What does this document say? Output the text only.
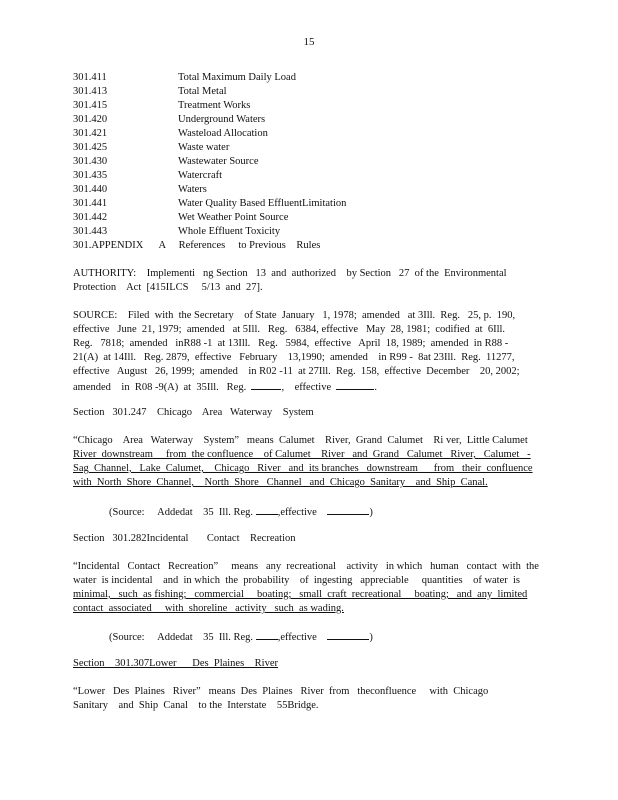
15
301.411	Total Maximum Daily Load
301.413	Total Metal
301.415	Treatment Works
301.420	Underground Waters
301.421	Wasteload Allocation
301.425	Waste water
301.430	Wastewater Source
301.435	Watercraft
301.440	Waters
301.441	Water Quality Based EffluentLimitation
301.442	Wet Weather Point Source
301.443	Whole Effluent Toxicity
301.APPENDIX      A     References     to Previous    Rules
AUTHORITY:    Implementi   ng Section   13  and  authorized    by Section   27  of the  Environmental
Protection    Act  [415ILCS     5/13  and  27].
SOURCE:    Filed  with  the Secretary    of State  January   1, 1978;  amended   at 3Ill.  Reg.   25, p.  190,
effective   June  21, 1979;  amended   at 5Ill.   Reg.   6384, effective   May  28, 1981;  codified  at  6Ill.
Reg.   7818;  amended   inR88 -1  at 13Ill.   Reg.   5984,  effective   April  18, 1989;  amended  in R88 -
21(A)  at 14Ill.   Reg. 2879,  effective   February    13,1990;  amended    in R99 -  8at 23Ill.  Reg.  11277,
effective   August   26, 1999;  amended    in R02 -11  at 27Ill.  Reg.  158,  effective  December    20, 2002;
amended    in  R08 -9(A)  at  35Ill.   Reg.	,    effective	.
Section   301.247    Chicago    Area   Waterway    System
“Chicago    Area   Waterway    System”   means  Calumet    River,  Grand  Calumet    Ri ver,  Little Calumet
River  downstream     from  the confluence    of Calumet    River   and  Grand   Calumet   River,   Calumet   -
Sag  Channel,   Lake  Calumet,    Chicago   River   and  its branches   downstream      from   their  confluence
with  North  Shore  Channel,    North  Shore   Channel   and  Chicago  Sanitary    and  Ship  Canal.
(Source:     Addedat    35  Ill. Reg. ,effective	)
Section   301.282Incidental       Contact    Recreation
“Incidental   Contact   Recreation”     means   any  recreational    activity   in which   human   contact  with  the
water  is incidental    and  in which  the  probability    of  ingesting   appreciable     quantities    of water  is
minimal,   such  as fishing;   commercial     boating;   small  craft  recreational     boating;   and  any  limited
contact  associated     with  shoreline   activity   such  as wading.
(Source:     Addedat    35  Ill. Reg. ,effective	)
Section    301.307Lower      Des  Plaines    River
“Lower   Des  Plaines   River”   means  Des  Plaines   River  from   theconfluence     with  Chicago
Sanitary    and  Ship  Canal    to the  Interstate    55Bridge.
